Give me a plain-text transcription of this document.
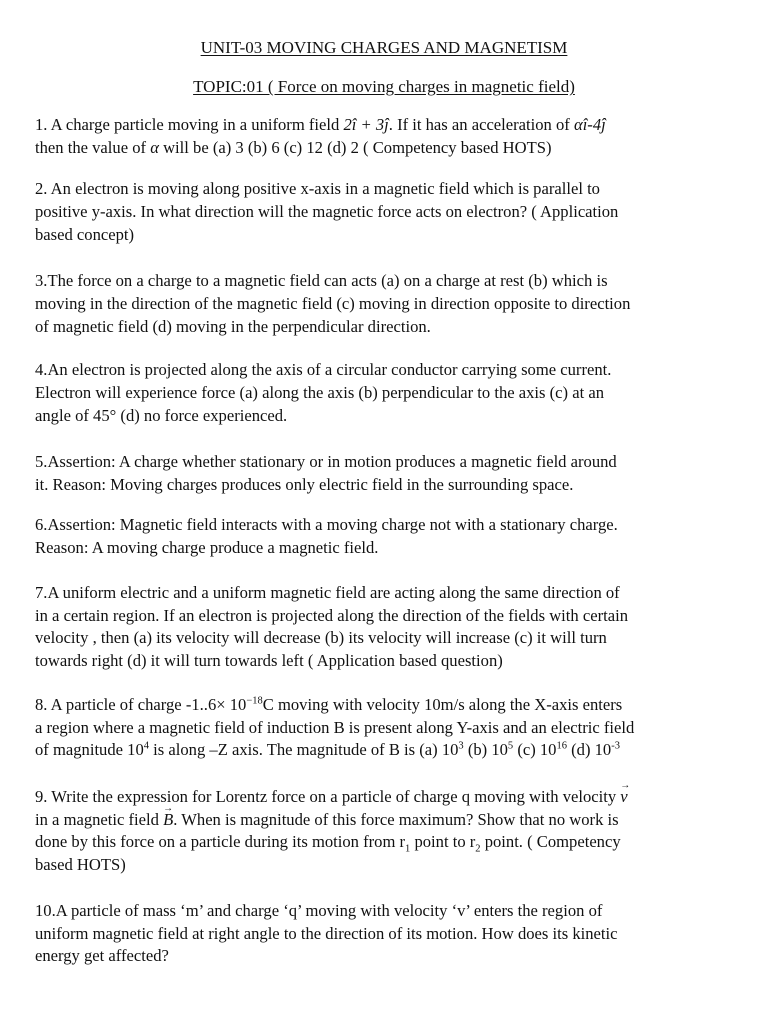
UNIT-03 MOVING CHARGES AND MAGNETISM
TOPIC:01 ( Force on moving charges in magnetic field)
1. A charge particle moving in a uniform field 2î + 3ĵ. If it has an acceleration of αî-4ĵ
then the value of α will be (a) 3 (b) 6 (c) 12 (d) 2 ( Competency based HOTS)
2. An electron is moving along positive x-axis in a magnetic field which is parallel to
positive y-axis. In what direction will the magnetic force acts on electron? ( Application
based concept)
3.The force on a charge to a magnetic field can acts (a) on a charge at rest (b) which is
moving in the direction of the magnetic field (c) moving in direction opposite to direction
of magnetic field (d) moving in the perpendicular direction.
4.An electron is projected along the axis of a circular conductor carrying some current.
Electron will experience force (a) along the axis (b) perpendicular to the axis (c) at an
angle of 45° (d) no force experienced.
5.Assertion: A charge whether stationary or in motion produces a magnetic field around
it. Reason: Moving charges produces only electric field in the surrounding space.
6.Assertion: Magnetic field interacts with a moving charge not with a stationary charge.
Reason: A moving charge produce a magnetic field.
7.A uniform electric and a uniform magnetic field are acting along the same direction of
in a certain region. If an electron is projected along the direction of the fields with certain
velocity , then (a) its velocity will decrease (b) its velocity will increase (c) it will turn
towards right (d) it will turn towards left ( Application based question)
8. A particle of charge $-1..6\times 10^{-18}C$ moving with velocity 10m/s along the X-axis enters
a region where a magnetic field of induction B is present along Y-axis and an electric field
of magnitude $10^4$ is along –Z axis. The magnitude of B is (a) $10^3$ (b) $10^5$ (c) $10^{16}$ (d) $10^{-3}$
9. Write the expression for Lorentz force on a particle of charge q moving with velocity → v
in a magnetic field → B. When is magnitude of this force maximum? Show that no work is
done by this force on a particle during its motion from $r_1$ point to $r_2$ point. ( Competency
based HOTS)
10.A particle of mass ‘m’ and charge ‘q’ moving with velocity ‘v’ enters the region of
uniform magnetic field at right angle to the direction of its motion. How does its kinetic
energy get affected?
